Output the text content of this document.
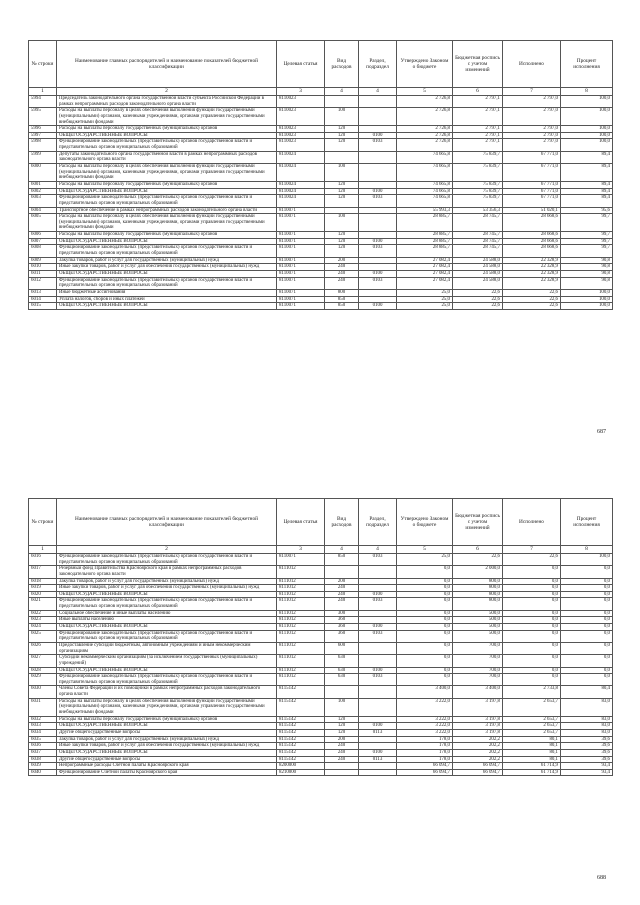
№ строки	Наименование главных распорядителей и наименование показателей бюджетной классификации	Целевая статья	Вид расходов	Раздел, подраздел	Утверждено Законом о бюджете	Бюджетная роспись с учетом изменений	Исполнено	Процент исполнения
1	2	3	4	4	5	6	7	8
5994	Председатель законодательного органа государственной власти субъекта Российской Федерации в рамках непрограммных расходов законодательного органа власти	8110023			2 726,8	2 797,1	2 797,0	100,0
5995	Расходы на выплаты персоналу в целях обеспечения выполнения функций государственными (муниципальными) органами, казенными учреждениями, органами управления государственными внебюджетными фондами	8110023	100		2 726,8	2 797,1	2 797,0	100,0
5996	Расходы на выплаты персоналу государственных (муниципальных) органов	8110023	120		2 726,8	2 797,1	2 797,0	100,0
5997	ОБЩЕГОСУДАРСТВЕННЫЕ ВОПРОСЫ	8110023	120	0100	2 726,8	2 797,1	2 797,0	100,0
5998	Функционирование законодательных (представительных) органов государственной власти и представительных органов муниципальных образований	8110023	120	0103	2 726,8	2 797,1	2 797,0	100,0
5999	Депутаты законодательного органа государственной власти в рамках непрограммных расходов законодательного органа власти	8110024			74 665,8	75 839,7	67 771,0	89,4
6000	Расходы на выплаты персоналу в целях обеспечения выполнения функций государственными (муниципальными) органами, казенными учреждениями, органами управления государственными внебюджетными фондами	8110024	100		74 665,8	75 839,7	67 771,0	89,4
6001	Расходы на выплаты персоналу государственных (муниципальных) органов	8110024	120		74 665,8	75 839,7	67 771,0	89,4
6002	ОБЩЕГОСУДАРСТВЕННЫЕ ВОПРОСЫ	8110024	120	0100	74 665,8	75 839,7	67 771,0	89,4
6003	Функционирование законодательных (представительных) органов государственной власти и представительных органов муниципальных образований	8110024	120	0103	74 665,8	75 839,7	67 771,0	89,4
6004	Транспортное обеспечение в рамках непрограммных расходов законодательного органа власти	8110071			55 993,3	53 356,3	51 020,1	95,6
6005	Расходы на выплаты персоналу в целях обеспечения выполнения функций государственными (муниципальными) органами, казенными учреждениями, органами управления государственными внебюджетными фондами	8110071	100		28 885,7	28 745,7	28 668,6	99,7
6006	Расходы на выплаты персоналу государственных (муниципальных) органов	8110071	120		28 885,7	28 745,7	28 668,6	99,7
6007	ОБЩЕГОСУДАРСТВЕННЫЕ ВОПРОСЫ	8110071	120	0100	28 885,7	28 745,7	28 668,6	99,7
6008	Функционирование законодательных (представительных) органов государственной власти и представительных органов муниципальных образований	8110071	120	0103	28 885,7	28 745,7	28 668,6	99,7
6009	Закупка товаров, работ и услуг для государственных (муниципальных) нужд	8110071	200		27 082,4	24 588,0	22 328,9	90,8
6010	Иные закупки товаров, работ и услуг для обеспечения государственных (муниципальных) нужд	8110071	240		27 082,4	24 588,0	22 328,9	90,8
6011	ОБЩЕГОСУДАРСТВЕННЫЕ ВОПРОСЫ	8110071	240	0100	27 082,4	24 588,0	22 328,9	90,8
6012	Функционирование законодательных (представительных) органов государственной власти и представительных органов муниципальных образований	8110071	240	0103	27 082,4	24 588,0	22 328,9	90,8
6013	Иные бюджетные ассигнования	8110071	800		25,0	22,6	22,6	100,0
6014	Уплата налогов, сборов и иных платежей	8110071	850		25,0	22,6	22,6	100,0
6015	ОБЩЕГОСУДАРСТВЕННЫЕ ВОПРОСЫ	8110071	850	0100	25,0	22,6	22,6	100,0
687
№ строки	Наименование главных распорядителей и наименование показателей бюджетной классификации	Целевая статья	Вид расходов	Раздел, подраздел	Утверждено Законом о бюджете	Бюджетная роспись с учетом изменений	Исполнено	Процент исполнения
1	2	3	4	4	5	6	7	8
6016	Функционирование законодательных (представительных) органов государственной власти и представительных органов муниципальных образований	8110071	850	0103	25,0	22,6	22,6	100,0
6017	Резервный фонд Правительства Красноярского края в рамках непрограммных расходов законодательного органа власти	8111012			0,0	2 000,0	0,0	0,0
6018	Закупка товаров, работ и услуг для государственных (муниципальных) нужд	8111012	200		0,0	800,0	0,0	0,0
6019	Иные закупки товаров, работ и услуг для обеспечения государственных (муниципальных) нужд	8111012	240		0,0	800,0	0,0	0,0
6020	ОБЩЕГОСУДАРСТВЕННЫЕ ВОПРОСЫ	8111012	240	0100	0,0	800,0	0,0	0,0
6021	Функционирование законодательных (представительных) органов государственной власти и представительных органов муниципальных образований	8111012	240	0103	0,0	800,0	0,0	0,0
6022	Социальное обеспечение и иные выплаты населению	8111012	300		0,0	500,0	0,0	0,0
6023	Иные выплаты населению	8111012	360		0,0	500,0	0,0	0,0
6024	ОБЩЕГОСУДАРСТВЕННЫЕ ВОПРОСЫ	8111012	360	0100	0,0	500,0	0,0	0,0
6025	Функционирование законодательных (представительных) органов государственной власти и представительных органов муниципальных образований	8111012	360	0103	0,0	500,0	0,0	0,0
6026	Предоставление субсидий бюджетным, автономным учреждениям и иным некоммерческим организациям	8111012	600		0,0	700,0	0,0	0,0
6027	Субсидии некоммерческим организациям (за исключением государственных (муниципальных) учреждений)	8111012	630		0,0	700,0	0,0	0,0
6028	ОБЩЕГОСУДАРСТВЕННЫЕ ВОПРОСЫ	8111012	630	0100	0,0	700,0	0,0	0,0
6029	Функционирование законодательных (представительных) органов государственной власти и представительных органов муниципальных образований	8111012	630	0103	0,0	700,0	0,0	0,0
6030	Члены Совета Федерации и их помощники в рамках непрограммных расходов законодательного органа власти	8115142			3 400,0	3 400,0	2 733,8	80,4
6031	Расходы на выплаты персоналу в целях обеспечения выполнения функций государственными (муниципальными) органами, казенными учреждениями, органами управления государственными внебюджетными фондами	8115142	100		3 222,0	3 197,8	2 653,7	83,0
6032	Расходы на выплаты персоналу государственных (муниципальных) органов	8115142	120		3 222,0	3 197,8	2 653,7	83,0
6033	ОБЩЕГОСУДАРСТВЕННЫЕ ВОПРОСЫ	8115142	120	0100	3 222,0	3 197,8	2 653,7	83,0
6034	Другие общегосударственные вопросы	8115142	120	0113	3 222,0	3 197,8	2 653,7	83,0
6035	Закупка товаров, работ и услуг для государственных (муниципальных) нужд	8115142	200		178,0	202,2	80,1	39,6
6036	Иные закупки товаров, работ и услуг для обеспечения государственных (муниципальных) нужд	8115142	240		178,0	202,2	80,1	39,6
6037	ОБЩЕГОСУДАРСТВЕННЫЕ ВОПРОСЫ	8115142	240	0100	178,0	202,2	80,1	39,6
6038	Другие общегосударственные вопросы	8115142	240	0113	178,0	202,2	80,1	39,6
6039	Непрограммные расходы Счетной палаты Красноярского края	8200000			66 094,7	66 094,7	61 714,9	93,4
6040	Функционирование Счетной палаты Красноярского края	8210000			66 094,7	66 094,7	61 714,9	93,4
688
